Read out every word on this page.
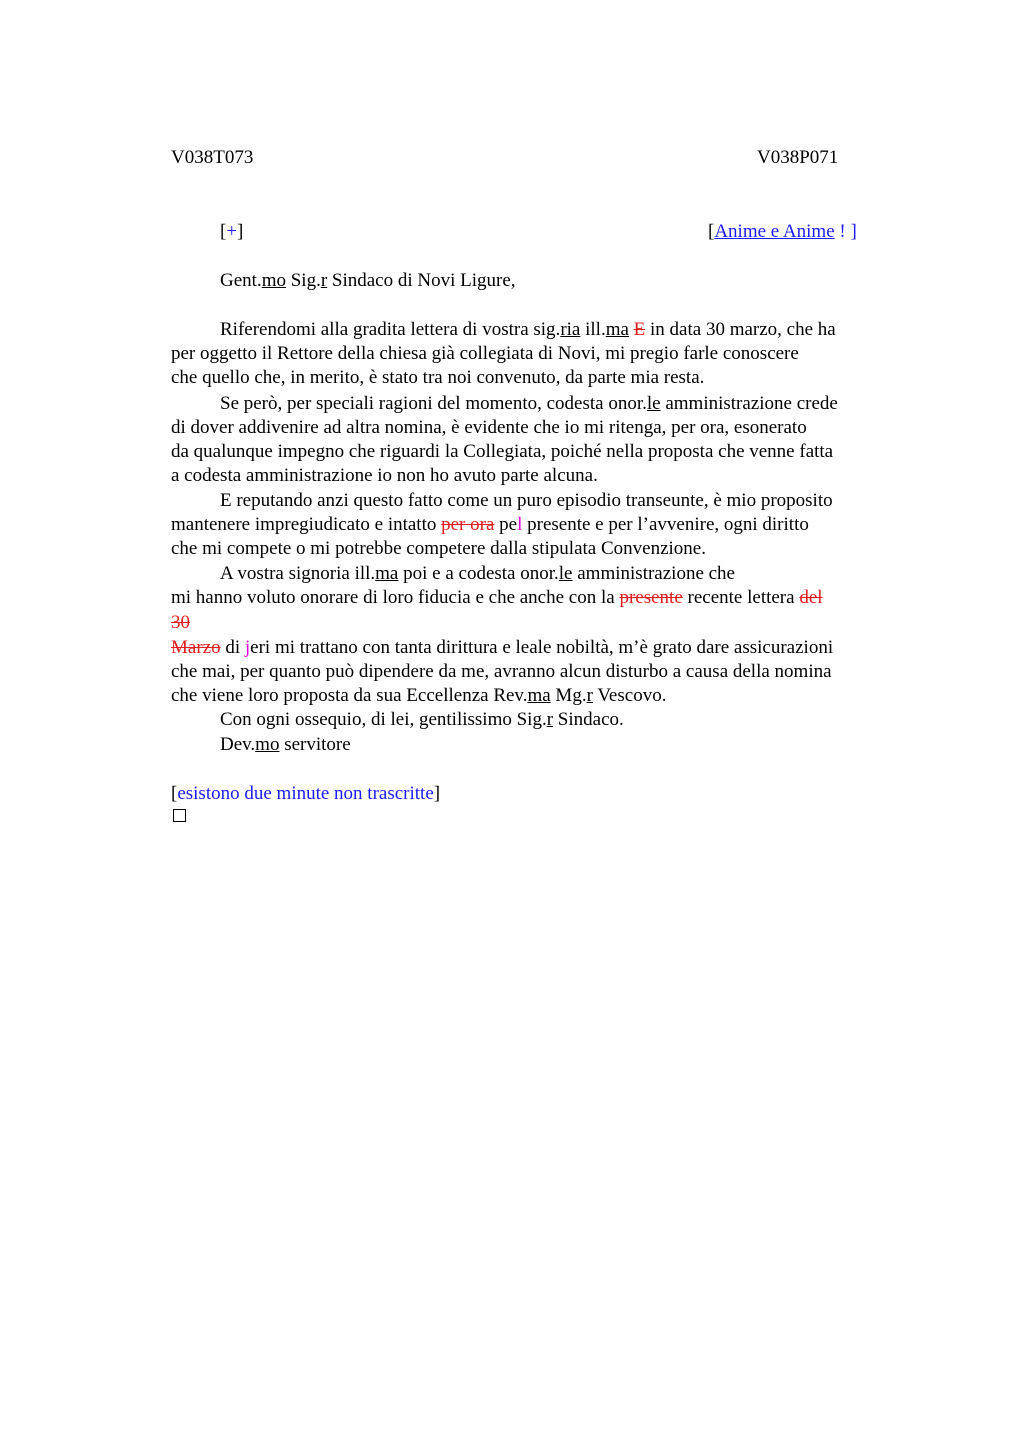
V038T073	V038P071
[+]	[Anime e Anime ! ]
Gent.mo Sig.r Sindaco di Novi Ligure,
Riferendomi alla gradita lettera di vostra sig.ria ill.ma E in data 30 marzo, che ha
per oggetto il Rettore della chiesa già collegiata di Novi, mi pregio farle conoscere
che quello che, in merito, è stato tra noi convenuto, da parte mia resta.
Se però, per speciali ragioni del momento, codesta onor.le amministrazione crede
di dover addivenire ad altra nomina, è evidente che io mi ritenga, per ora, esonerato
da qualunque impegno che riguardi la Collegiata, poiché nella proposta che venne fatta
a codesta amministrazione io non ho avuto parte alcuna.
E reputando anzi questo fatto come un puro episodio transeunte, è mio proposito
mantenere impregiudicato e intatto per ora pel presente e per l’avvenire, ogni diritto
che mi compete o mi potrebbe competere dalla stipulata Convenzione.
A vostra signoria ill.ma poi e a codesta onor.le amministrazione che
mi hanno voluto onorare di loro fiducia e che anche con la presente recente lettera del
30
Marzo di jeri mi trattano con tanta dirittura e leale nobiltà, m’è grato dare assicurazioni
che mai, per quanto può dipendere da me, avranno alcun disturbo a causa della nomina
che viene loro proposta da sua Eccellenza Rev.ma Mg.r Vescovo.
Con ogni ossequio, di lei, gentilissimo Sig.r Sindaco.
Dev.mo servitore
[esistono due minute non trascritte]
